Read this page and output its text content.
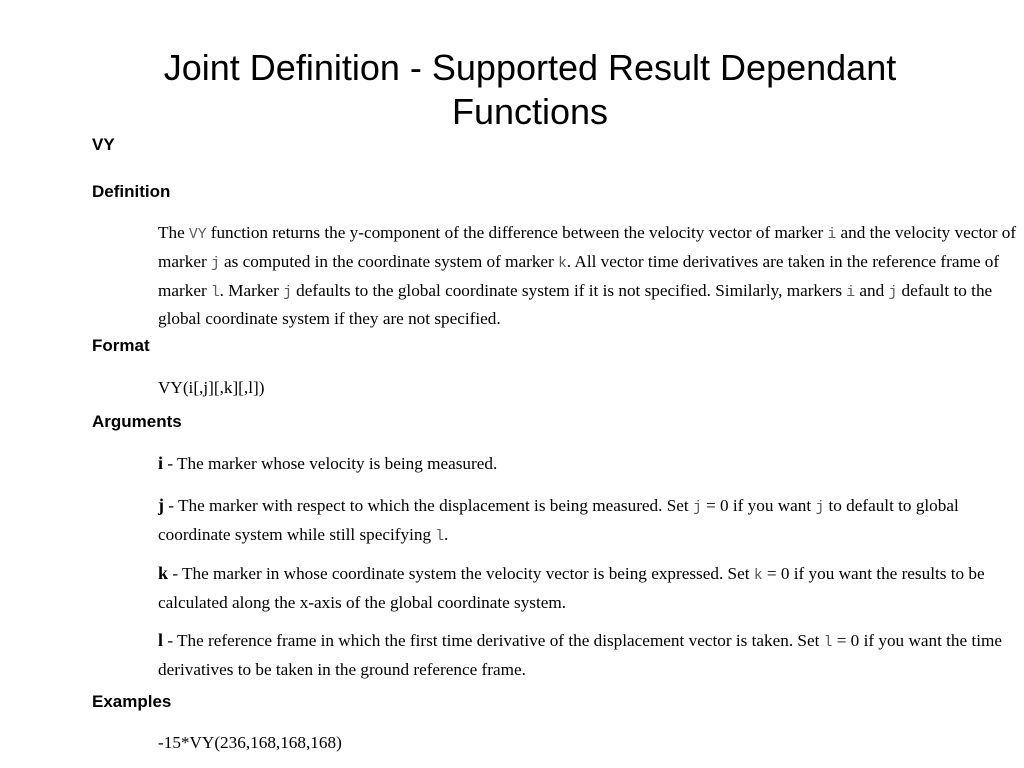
Joint Definition - Supported Result Dependant
Functions
VY
Definition
The VY function returns the y-component of the difference between the velocity vector of marker i and the velocity vector of marker j as computed in the coordinate system of marker k. All vector time derivatives are taken in the reference frame of marker l. Marker j defaults to the global coordinate system if it is not specified. Similarly, markers i and j default to the global coordinate system if they are not specified.
Format
VY(i[,j][,k][,l])
Arguments
i - The marker whose velocity is being measured.
j - The marker with respect to which the displacement is being measured. Set j = 0 if you want j to default to global coordinate system while still specifying l.
k - The marker in whose coordinate system the velocity vector is being expressed. Set k = 0 if you want the results to be calculated along the x-axis of the global coordinate system.
l - The reference frame in which the first time derivative of the displacement vector is taken. Set l = 0 if you want the time derivatives to be taken in the ground reference frame.
Examples
-15*VY(236,168,168,168)
